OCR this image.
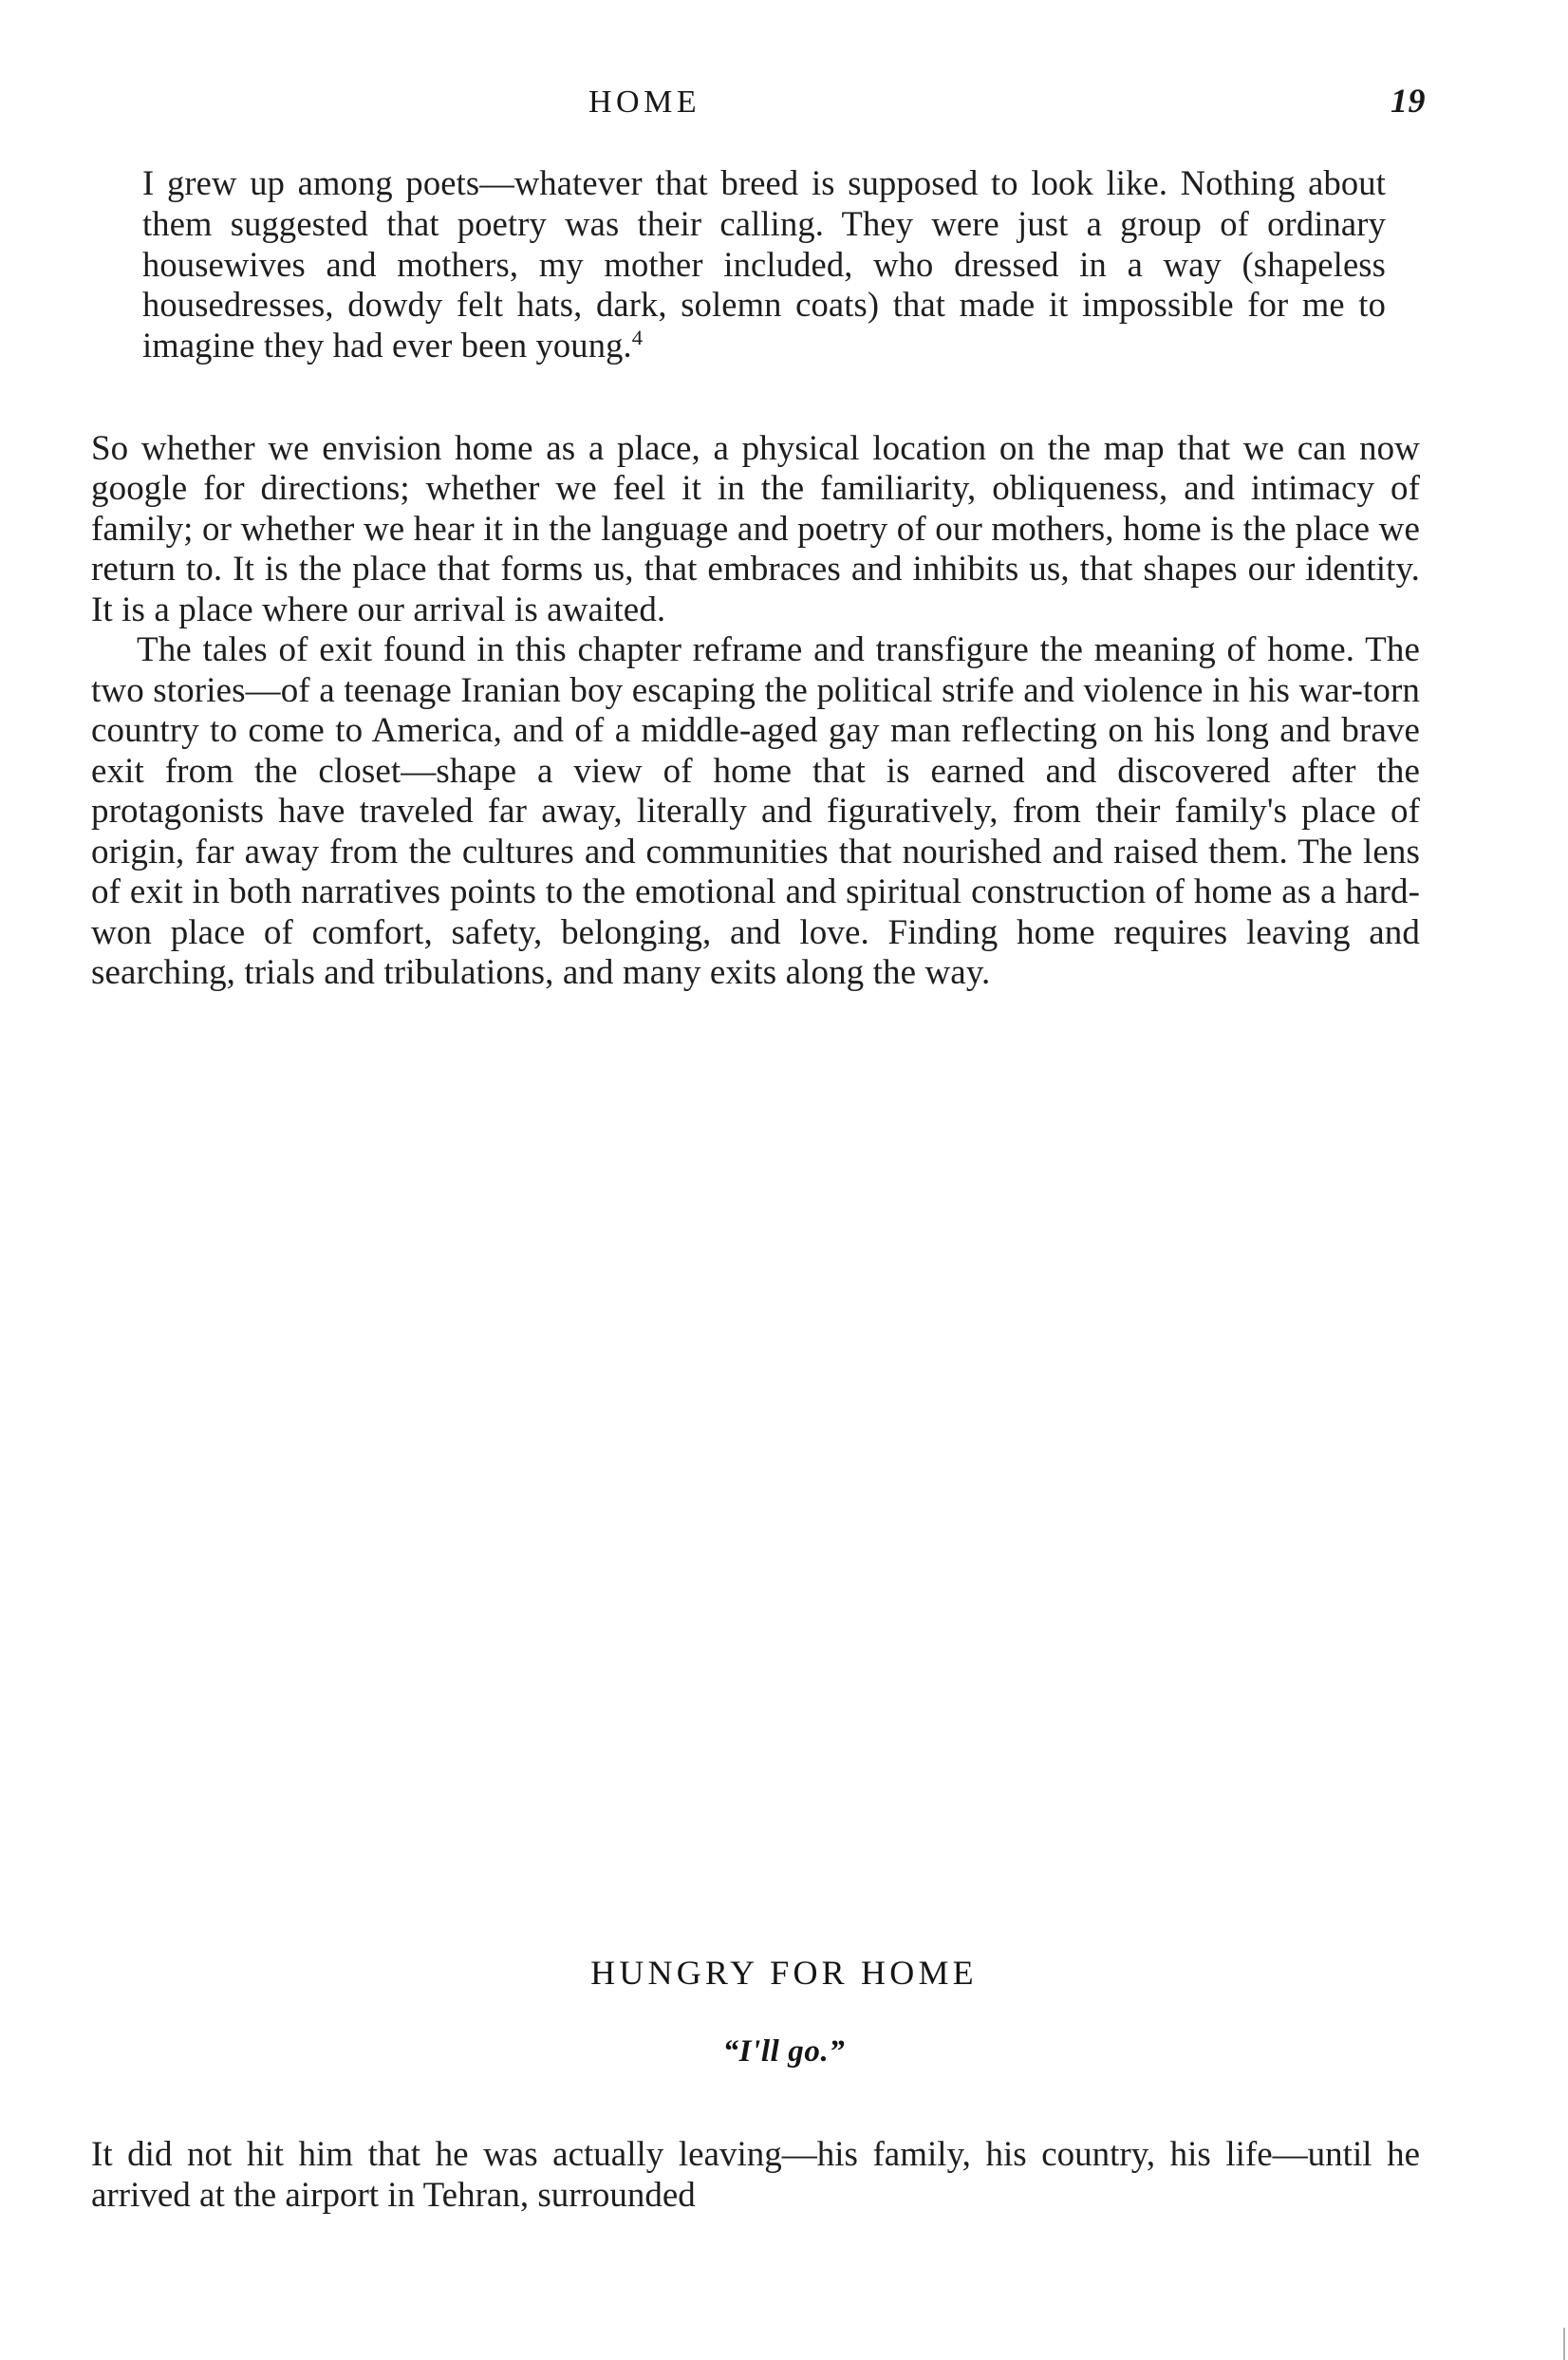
HOME	19

I grew up among poets—whatever that breed is supposed to look like. Nothing about them suggested that poetry was their calling. They were just a group of ordinary housewives and mothers, my mother included, who dressed in a way (shapeless housedresses, dowdy felt hats, dark, solemn coats) that made it impossible for me to imagine they had ever been young.$^4$

So whether we envision home as a place, a physical location on the map that we can now google for directions; whether we feel it in the familiarity, obliqueness, and intimacy of family; or whether we hear it in the language and poetry of our mothers, home is the place we return to. It is the place that forms us, that embraces and inhibits us, that shapes our identity. It is a place where our arrival is awaited.

The tales of exit found in this chapter reframe and transfigure the meaning of home. The two stories—of a teenage Iranian boy escaping the political strife and violence in his war-torn country to come to America, and of a middle-aged gay man reflecting on his long and brave exit from the closet—shape a view of home that is earned and discovered after the protagonists have traveled far away, literally and figuratively, from their family's place of origin, far away from the cultures and communities that nourished and raised them. The lens of exit in both narratives points to the emotional and spiritual construction of home as a hard-won place of comfort, safety, belonging, and love. Finding home requires leaving and searching, trials and tribulations, and many exits along the way.

HUNGRY FOR HOME
“I'll go.”

It did not hit him that he was actually leaving—his family, his country, his life—until he arrived at the airport in Tehran, surrounded
